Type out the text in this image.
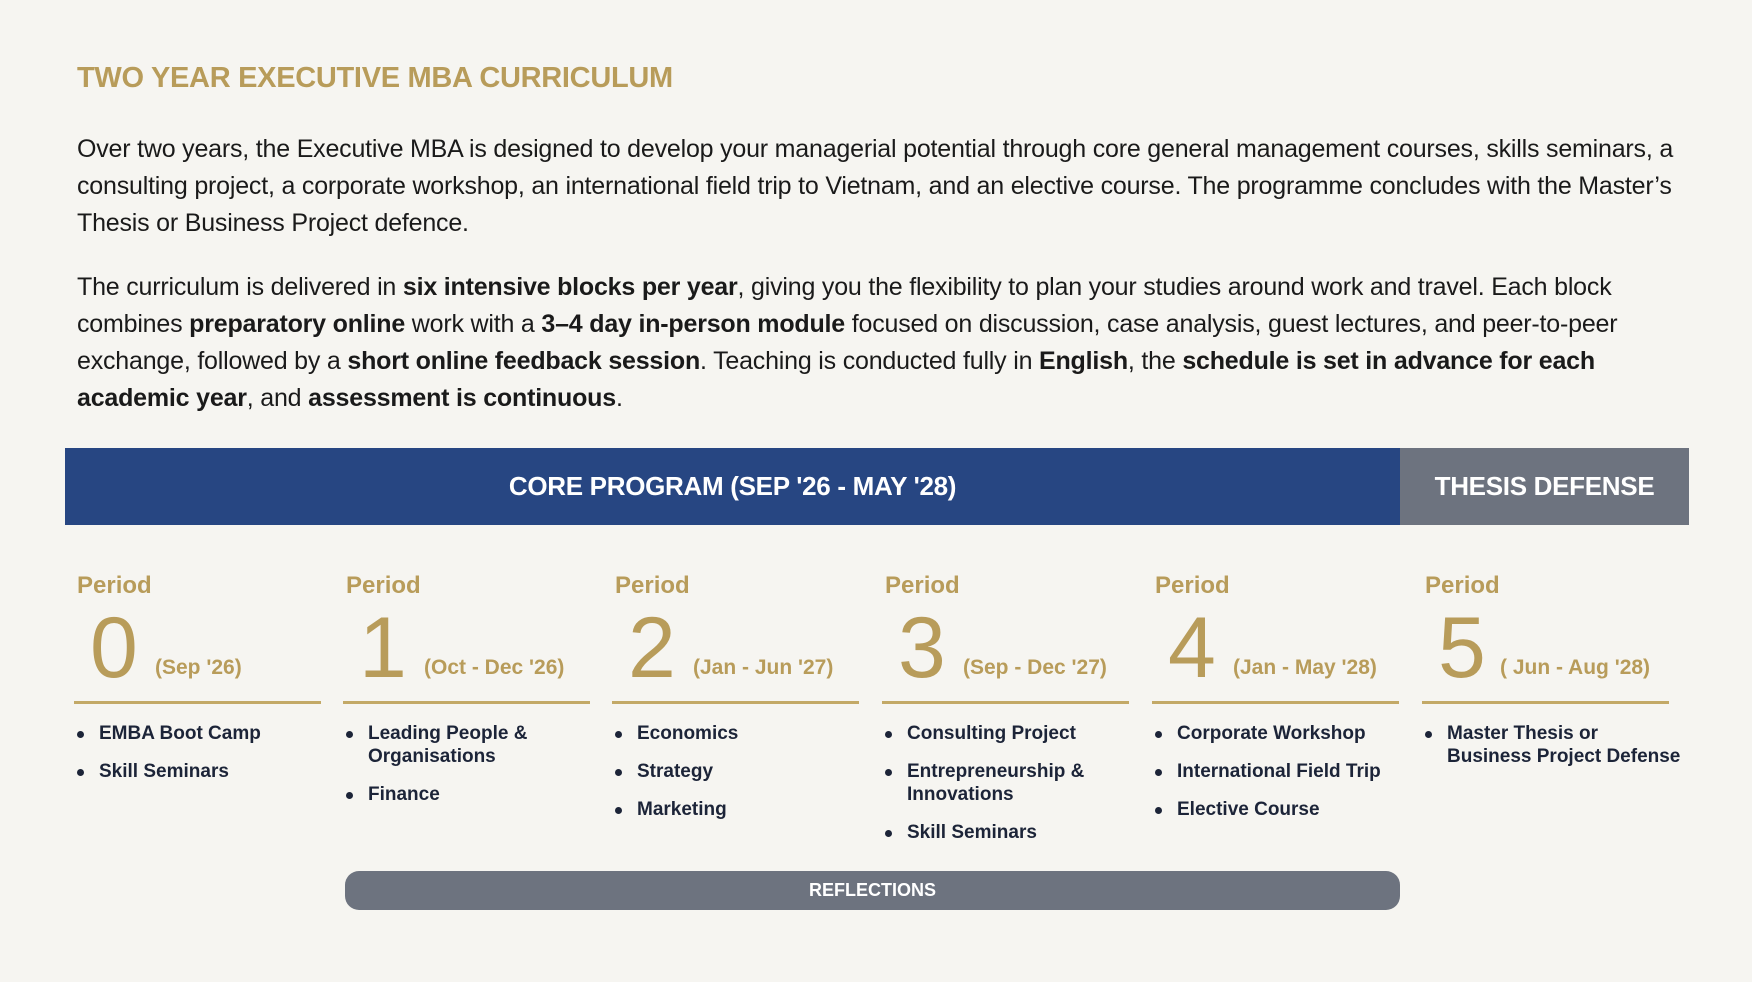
TWO YEAR EXECUTIVE MBA CURRICULUM

Over two years, the Executive MBA is designed to develop your managerial potential through core general management courses, skills seminars, a consulting project, a corporate workshop, an international field trip to Vietnam, and an elective course. The programme concludes with the Master’s Thesis or Business Project defence.

The curriculum is delivered in six intensive blocks per year, giving you the flexibility to plan your studies around work and travel. Each block combines preparatory online work with a 3–4 day in-person module focused on discussion, case analysis, guest lectures, and peer-to-peer exchange, followed by a short online feedback session. Teaching is conducted fully in English, the schedule is set in advance for each academic year, and assessment is continuous.

CORE PROGRAM (SEP '26 - MAY '28)	THESIS DEFENSE
Period
0 (Sep '26)
EMBA Boot Camp
Skill Seminars
Period
1 (Oct - Dec '26)
Leading People & Organisations
Finance
Period
2 (Jan - Jun '27)
Economics
Strategy
Marketing
Period
3 (Sep - Dec '27)
Consulting Project
Entrepreneurship & Innovations
Skill Seminars
Period
4 (Jan - May '28)
Corporate Workshop
International Field Trip
Elective Course
Period
5 ( Jun - Aug '28)
Master Thesis or Business Project Defense
REFLECTIONS
